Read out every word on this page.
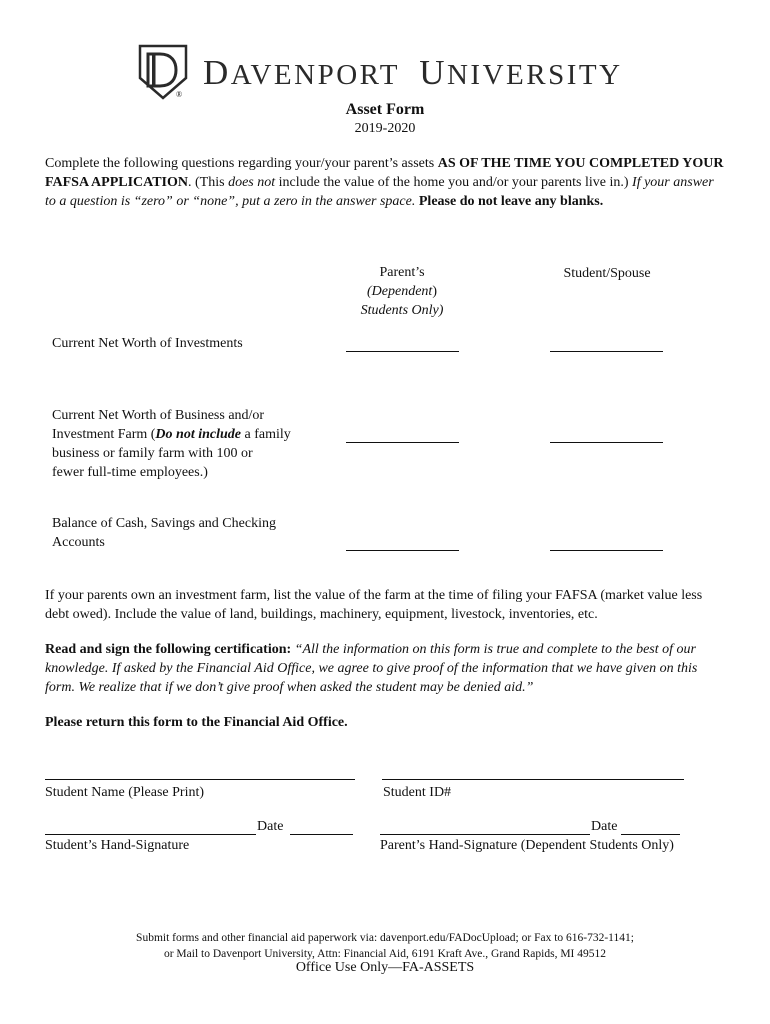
®
DAVENPORT UNIVERSITY
Asset Form
2019-2020
Complete the following questions regarding your/your parent’s assets AS OF THE TIME YOU COMPLETED YOUR FAFSA APPLICATION. (This does not include the value of the home you and/or your parents live in.) If your answer to a question is “zero” or “none”, put a zero in the answer space. Please do not leave any blanks.
Parent’s
(Dependent)
Students Only)
Student/Spouse
Current Net Worth of Investments
Current Net Worth of Business and/or
Investment Farm (Do not include a family
business or family farm with 100 or
fewer full-time employees.)
Balance of Cash, Savings and Checking
Accounts
If your parents own an investment farm, list the value of the farm at the time of filing your FAFSA (market value less debt owed). Include the value of land, buildings, machinery, equipment, livestock, inventories, etc.
Read and sign the following certification: “All the information on this form is true and complete to the best of our knowledge. If asked by the Financial Aid Office, we agree to give proof of the information that we have given on this form. We realize that if we don’t give proof when asked the student may be denied aid.”
Please return this form to the Financial Aid Office.
Student Name (Please Print)	Student ID#
Date	Date
Student’s Hand-Signature	Parent’s Hand-Signature (Dependent Students Only)
Submit forms and other financial aid paperwork via: davenport.edu/FADocUpload; or Fax to 616-732-1141;
or Mail to Davenport University, Attn: Financial Aid, 6191 Kraft Ave., Grand Rapids, MI 49512
Office Use Only—FA-ASSETS
